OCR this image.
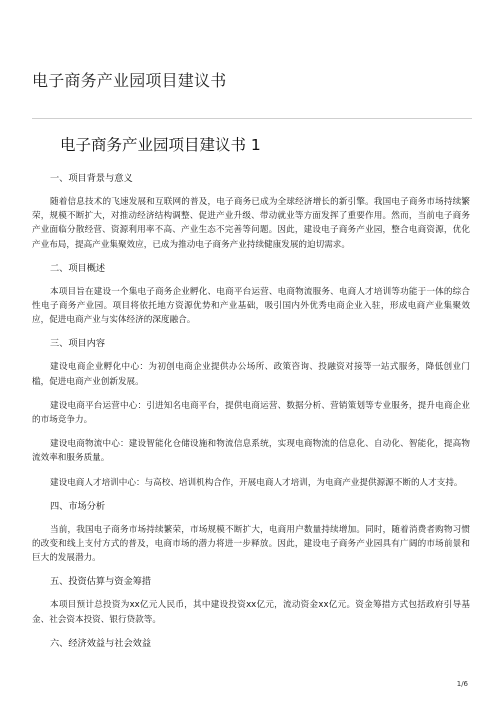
电子商务产业园项目建议书
电子商务产业园项目建议书 1
一、项目背景与意义

随着信息技术的飞速发展和互联网的普及，电子商务已成为全球经济增长的新引擎。我国电子商务市场持续繁荣，规模不断扩大，对推动经济结构调整、促进产业升级、带动就业等方面发挥了重要作用。然而，当前电子商务产业面临分散经营、资源利用率不高、产业生态不完善等问题。因此，建设电子商务产业园，整合电商资源，优化产业布局，提高产业集聚效应，已成为推动电子商务产业持续健康发展的迫切需求。

二、项目概述

本项目旨在建设一个集电子商务企业孵化、电商平台运营、电商物流服务、电商人才培训等功能于一体的综合性电子商务产业园。项目将依托地方资源优势和产业基础，吸引国内外优秀电商企业入驻，形成电商产业集聚效应，促进电商产业与实体经济的深度融合。

三、项目内容

建设电商企业孵化中心：为初创电商企业提供办公场所、政策咨询、投融资对接等一站式服务，降低创业门槛，促进电商产业创新发展。

建设电商平台运营中心：引进知名电商平台，提供电商运营、数据分析、营销策划等专业服务，提升电商企业的市场竞争力。

建设电商物流中心：建设智能化仓储设施和物流信息系统，实现电商物流的信息化、自动化、智能化，提高物流效率和服务质量。

建设电商人才培训中心：与高校、培训机构合作，开展电商人才培训，为电商产业提供源源不断的人才支持。

四、市场分析

当前，我国电子商务市场持续繁荣，市场规模不断扩大，电商用户数量持续增加。同时，随着消费者购物习惯的改变和线上支付方式的普及，电商市场的潜力将进一步释放。因此，建设电子商务产业园具有广阔的市场前景和巨大的发展潜力。

五、投资估算与资金筹措

本项目预计总投资为xx亿元人民币，其中建设投资xx亿元，流动资金xx亿元。资金筹措方式包括政府引导基金、社会资本投资、银行贷款等。

六、经济效益与社会效益
1/6
